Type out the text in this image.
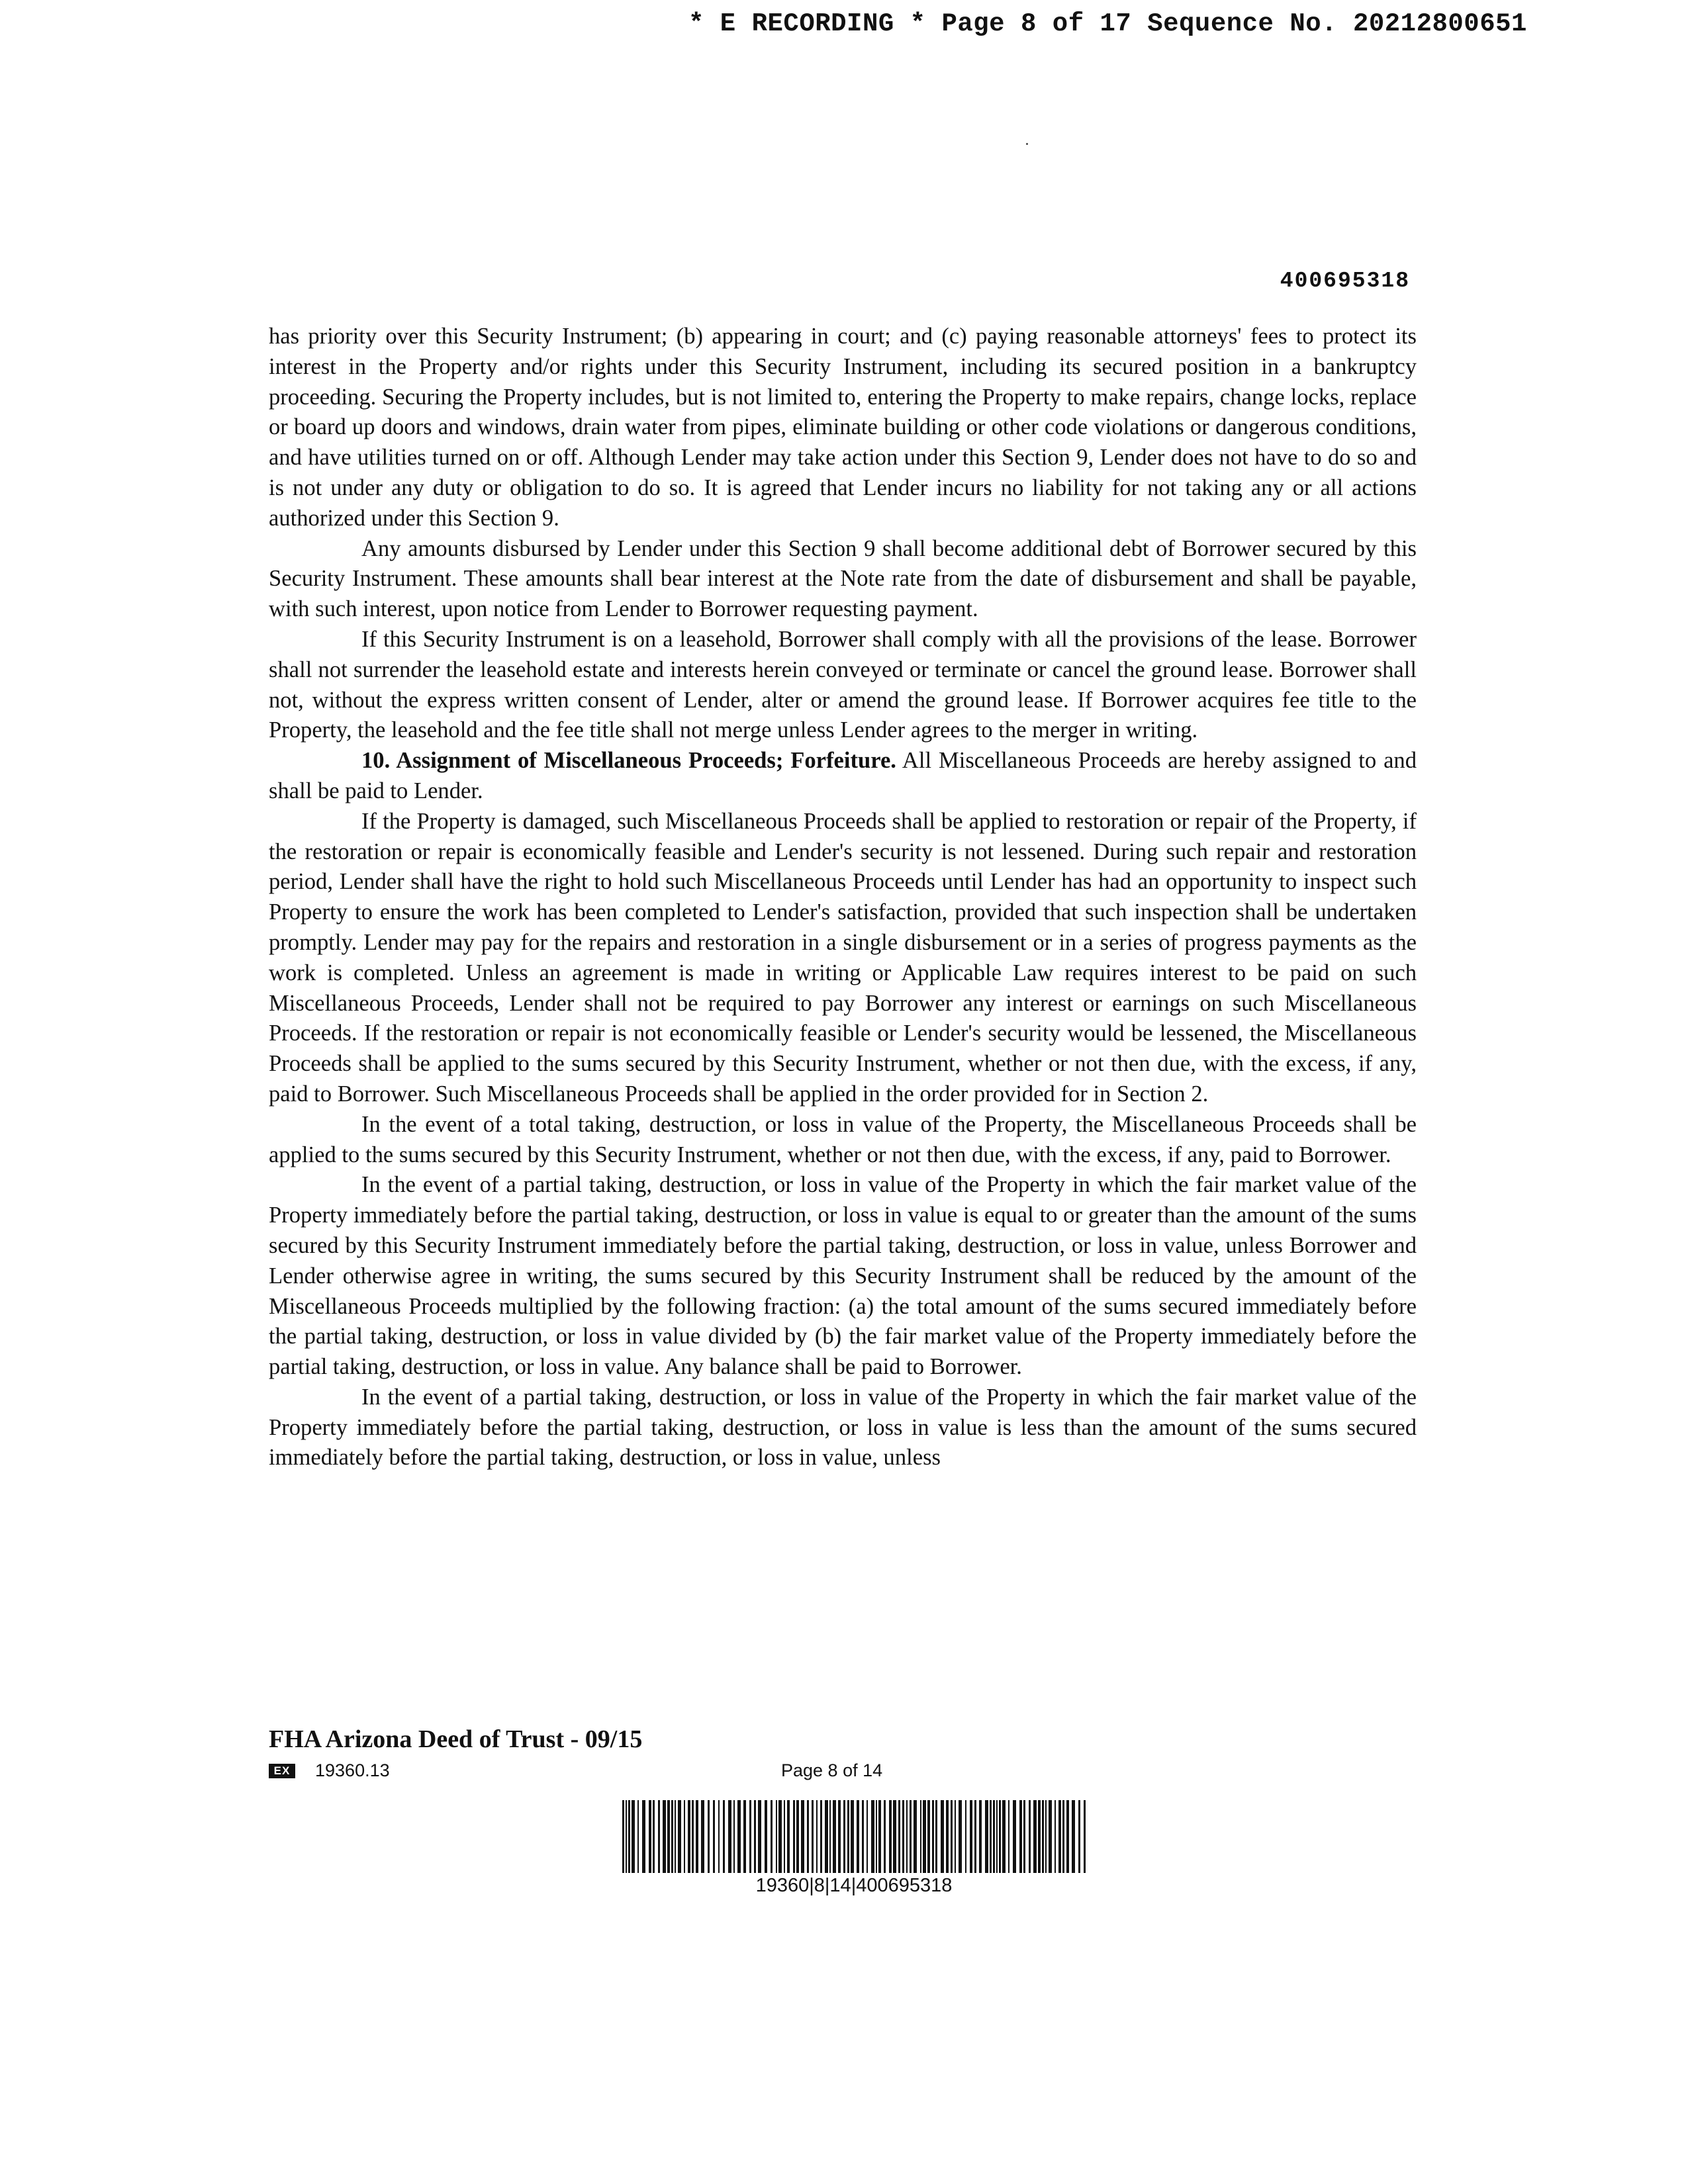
* E RECORDING * Page 8 of 17 Sequence No. 20212800651
400695318

has priority over this Security Instrument; (b) appearing in court; and (c) paying reasonable attorneys' fees to protect its interest in the Property and/or rights under this Security Instrument, including its secured position in a bankruptcy proceeding. Securing the Property includes, but is not limited to, entering the Property to make repairs, change locks, replace or board up doors and windows, drain water from pipes, eliminate building or other code violations or dangerous conditions, and have utilities turned on or off. Although Lender may take action under this Section 9, Lender does not have to do so and is not under any duty or obligation to do so. It is agreed that Lender incurs no liability for not taking any or all actions authorized under this Section 9.

Any amounts disbursed by Lender under this Section 9 shall become additional debt of Borrower secured by this Security Instrument. These amounts shall bear interest at the Note rate from the date of disbursement and shall be payable, with such interest, upon notice from Lender to Borrower requesting payment.

If this Security Instrument is on a leasehold, Borrower shall comply with all the provisions of the lease. Borrower shall not surrender the leasehold estate and interests herein conveyed or terminate or cancel the ground lease. Borrower shall not, without the express written consent of Lender, alter or amend the ground lease. If Borrower acquires fee title to the Property, the leasehold and the fee title shall not merge unless Lender agrees to the merger in writing.

10. Assignment of Miscellaneous Proceeds; Forfeiture. All Miscellaneous Proceeds are hereby assigned to and shall be paid to Lender.

If the Property is damaged, such Miscellaneous Proceeds shall be applied to restoration or repair of the Property, if the restoration or repair is economically feasible and Lender's security is not lessened. During such repair and restoration period, Lender shall have the right to hold such Miscellaneous Proceeds until Lender has had an opportunity to inspect such Property to ensure the work has been completed to Lender's satisfaction, provided that such inspection shall be undertaken promptly. Lender may pay for the repairs and restoration in a single disbursement or in a series of progress payments as the work is completed. Unless an agreement is made in writing or Applicable Law requires interest to be paid on such Miscellaneous Proceeds, Lender shall not be required to pay Borrower any interest or earnings on such Miscellaneous Proceeds. If the restoration or repair is not economically feasible or Lender's security would be lessened, the Miscellaneous Proceeds shall be applied to the sums secured by this Security Instrument, whether or not then due, with the excess, if any, paid to Borrower. Such Miscellaneous Proceeds shall be applied in the order provided for in Section 2.

In the event of a total taking, destruction, or loss in value of the Property, the Miscellaneous Proceeds shall be applied to the sums secured by this Security Instrument, whether or not then due, with the excess, if any, paid to Borrower.

In the event of a partial taking, destruction, or loss in value of the Property in which the fair market value of the Property immediately before the partial taking, destruction, or loss in value is equal to or greater than the amount of the sums secured by this Security Instrument immediately before the partial taking, destruction, or loss in value, unless Borrower and Lender otherwise agree in writing, the sums secured by this Security Instrument shall be reduced by the amount of the Miscellaneous Proceeds multiplied by the following fraction: (a) the total amount of the sums secured immediately before the partial taking, destruction, or loss in value divided by (b) the fair market value of the Property immediately before the partial taking, destruction, or loss in value. Any balance shall be paid to Borrower.

In the event of a partial taking, destruction, or loss in value of the Property in which the fair market value of the Property immediately before the partial taking, destruction, or loss in value is less than the amount of the sums secured immediately before the partial taking, destruction, or loss in value, unless

FHA Arizona Deed of Trust - 09/15
EX 19360.13	Page 8 of 14
19360|8|14|400695318
